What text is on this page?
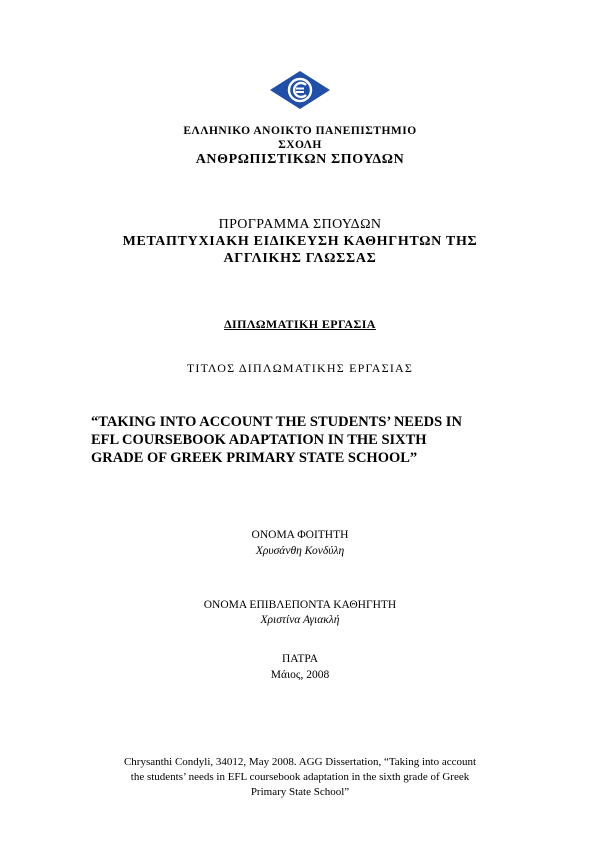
ΕΛΛΗΝΙΚΟ ΑΝΟΙΚΤΟ ΠΑΝΕΠΙΣΤΗΜΙΟ

ΣΧΟΛΗ

ΑΝΘΡΩΠΙΣΤΙΚΩΝ ΣΠΟΥΔΩΝ

ΠΡΟΓΡΑΜΜΑ ΣΠΟΥΔΩΝ

ΜΕΤΑΠΤΥΧΙΑΚΗ ΕΙΔΙΚΕΥΣΗ ΚΑΘΗΓΗΤΩΝ ΤΗΣ

ΑΓΓΛΙΚΗΣ ΓΛΩΣΣΑΣ

ΔΙΠΛΩΜΑΤΙΚΗ ΕΡΓΑΣΙΑ

ΤΙΤΛΟΣ ΔΙΠΛΩΜΑΤΙΚΗΣ ΕΡΓΑΣΙΑΣ

“TAKING INTO ACCOUNT THE STUDENTS’ NEEDS IN
EFL COURSEBOOK ADAPTATION IN THE SIXTH
GRADE OF GREEK PRIMARY STATE SCHOOL”

ΟΝΟΜΑ ΦΟΙΤΗΤΗ

Χρυσάνθη Κονδύλη

ΟΝΟΜΑ ΕΠΙΒΛΕΠΟΝΤΑ ΚΑΘΗΓΗΤΗ

Χριστίνα Αγιακλή

ΠΑΤΡΑ

Μάιος, 2008

Chrysanthi Condyli, 34012, May 2008. AGG Dissertation, “Taking into account
the students’ needs in EFL coursebook adaptation in the sixth grade of Greek
Primary State School”
